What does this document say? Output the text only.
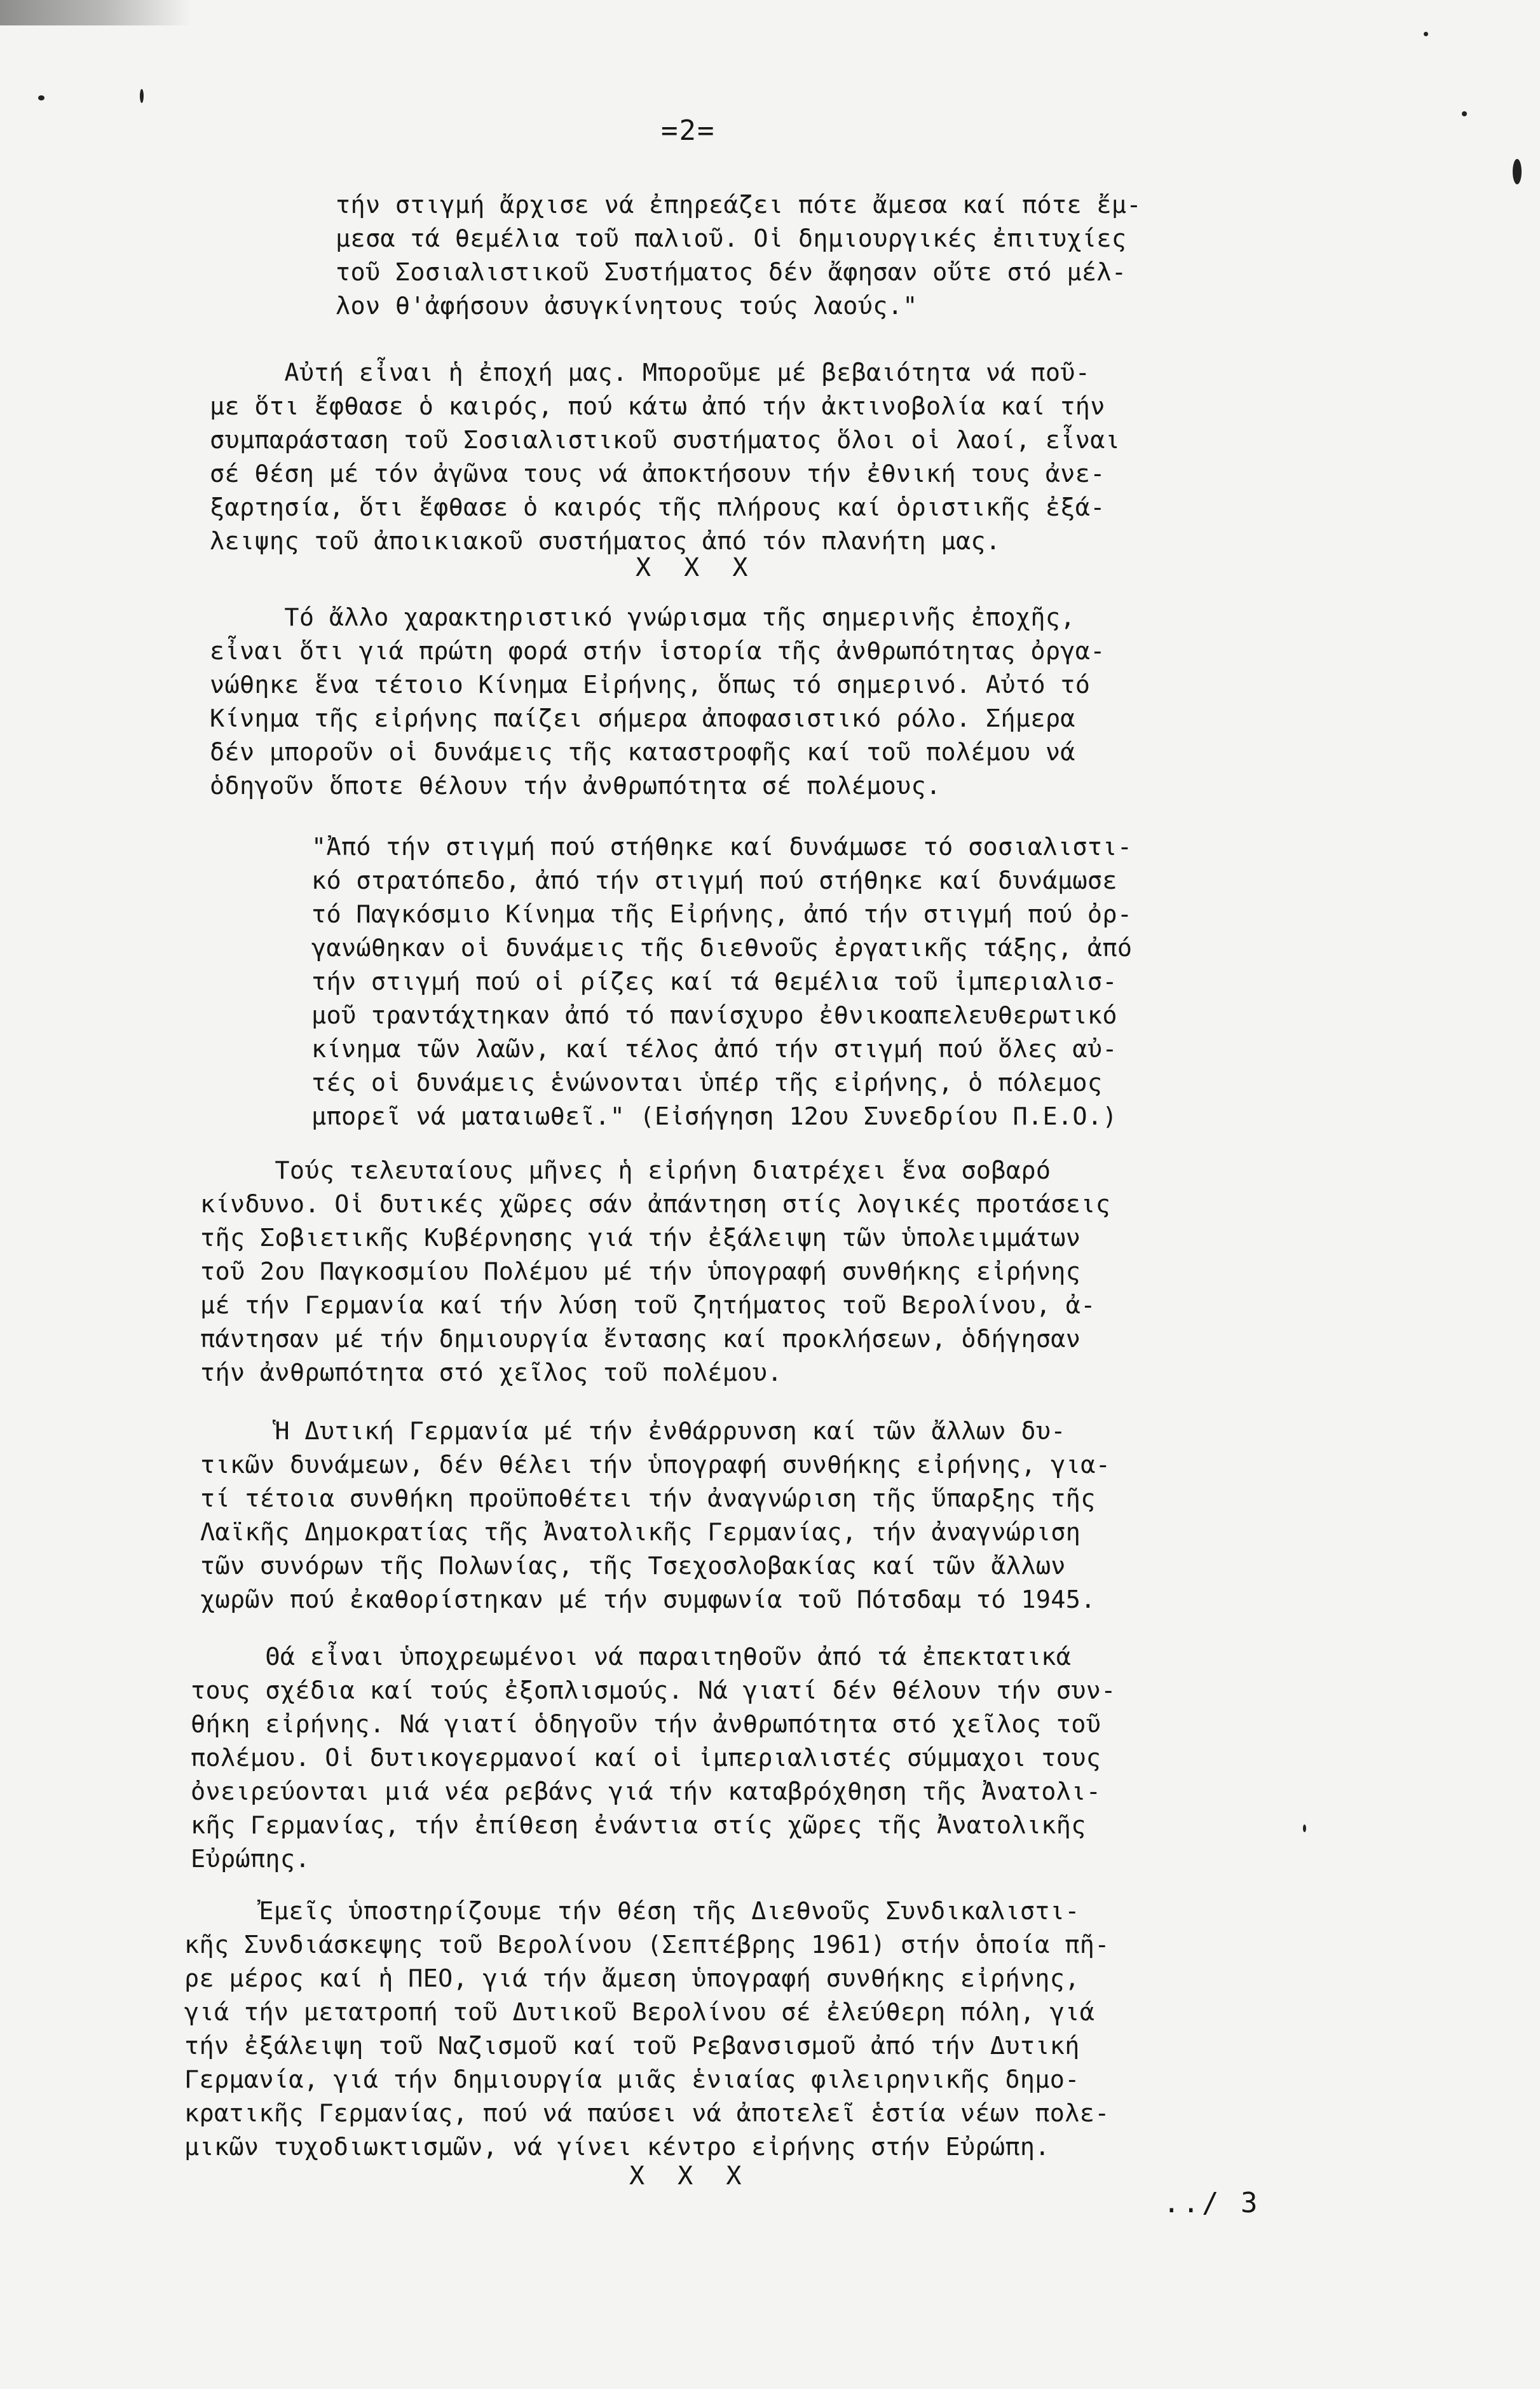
=2=
τήν στιγμή ἄρχισε νά ἐπηρεάζει πότε ἄμεσα καί πότε ἔμ-
μεσα τά θεμέλια τοῦ παλιοῦ. Οἱ δημιουργικές ἐπιτυχίες
τοῦ Σοσιαλιστικοῦ Συστήματος δέν ἄφησαν οὔτε στό μέλ-
λον θ'ἀφήσουν ἀσυγκίνητους τούς λαούς."
Αὐτή εἶναι ἡ ἐποχή μας. Μποροῦμε μέ βεβαιότητα νά ποῦ-
με ὅτι ἔφθασε ὁ καιρός, πού κάτω ἀπό τήν ἀκτινοβολία καί τήν
συμπαράσταση τοῦ Σοσιαλιστικοῦ συστήματος ὅλοι οἱ λαοί, εἶναι
σέ θέση μέ τόν ἀγῶνα τους νά ἀποκτήσουν τήν ἐθνική τους ἀνε-
ξαρτησία, ὅτι ἔφθασε ὁ καιρός τῆς πλήρους καί ὁριστικῆς ἐξά-
λειψης τοῦ ἀποικιακοῦ συστήματος ἀπό τόν πλανήτη μας.
X X X
Τό ἄλλο χαρακτηριστικό γνώρισμα τῆς σημερινῆς ἐποχῆς,
εἶναι ὅτι γιά πρώτη φορά στήν ἱστορία τῆς ἀνθρωπότητας ὀργα-
νώθηκε ἕνα τέτοιο Κίνημα Εἰρήνης, ὅπως τό σημερινό. Αὐτό τό
Κίνημα τῆς εἰρήνης παίζει σήμερα ἀποφασιστικό ρόλο. Σήμερα
δέν μποροῦν οἱ δυνάμεις τῆς καταστροφῆς καί τοῦ πολέμου νά
ὁδηγοῦν ὅποτε θέλουν τήν ἀνθρωπότητα σέ πολέμους.
"Ἀπό τήν στιγμή πού στήθηκε καί δυνάμωσε τό σοσιαλιστι-
κό στρατόπεδο, ἀπό τήν στιγμή πού στήθηκε καί δυνάμωσε
τό Παγκόσμιο Κίνημα τῆς Εἰρήνης, ἀπό τήν στιγμή πού ὀρ-
γανώθηκαν οἱ δυνάμεις τῆς διεθνοῦς ἐργατικῆς τάξης, ἀπό
τήν στιγμή πού οἱ ρίζες καί τά θεμέλια τοῦ ἰμπεριαλισ-
μοῦ τραντάχτηκαν ἀπό τό πανίσχυρο ἐθνικοαπελευθερωτικό
κίνημα τῶν λαῶν, καί τέλος ἀπό τήν στιγμή πού ὅλες αὐ-
τές οἱ δυνάμεις ἑνώνονται ὑπέρ τῆς εἰρήνης, ὁ πόλεμος
μπορεῖ νά ματαιωθεῖ." (Εἰσήγηση 12ου Συνεδρίου Π.Ε.Ο.)
Τούς τελευταίους μῆνες ἡ εἰρήνη διατρέχει ἕνα σοβαρό
κίνδυνο. Οἱ δυτικές χῶρες σάν ἀπάντηση στίς λογικές προτάσεις
τῆς Σοβιετικῆς Κυβέρνησης γιά τήν ἐξάλειψη τῶν ὑπολειμμάτων
τοῦ 2ου Παγκοσμίου Πολέμου μέ τήν ὑπογραφή συνθήκης εἰρήνης
μέ τήν Γερμανία καί τήν λύση τοῦ ζητήματος τοῦ Βερολίνου, ἀ-
πάντησαν μέ τήν δημιουργία ἔντασης καί προκλήσεων, ὁδήγησαν
τήν ἀνθρωπότητα στό χεῖλος τοῦ πολέμου.
Ἡ Δυτική Γερμανία μέ τήν ἐνθάρρυνση καί τῶν ἄλλων δυ-
τικῶν δυνάμεων, δέν θέλει τήν ὑπογραφή συνθήκης εἰρήνης, για-
τί τέτοια συνθήκη προϋποθέτει τήν ἀναγνώριση τῆς ὕπαρξης τῆς
Λαϊκῆς Δημοκρατίας τῆς Ἀνατολικῆς Γερμανίας, τήν ἀναγνώριση
τῶν συνόρων τῆς Πολωνίας, τῆς Τσεχοσλοβακίας καί τῶν ἄλλων
χωρῶν πού ἐκαθορίστηκαν μέ τήν συμφωνία τοῦ Πότσδαμ τό 1945.
Θά εἶναι ὑποχρεωμένοι νά παραιτηθοῦν ἀπό τά ἐπεκτατικά
τους σχέδια καί τούς ἐξοπλισμούς. Νά γιατί δέν θέλουν τήν συν-
θήκη εἰρήνης. Νά γιατί ὁδηγοῦν τήν ἀνθρωπότητα στό χεῖλος τοῦ
πολέμου. Οἱ δυτικογερμανοί καί οἱ ἰμπεριαλιστές σύμμαχοι τους
ὀνειρεύονται μιά νέα ρεβάνς γιά τήν καταβρόχθηση τῆς Ἀνατολι-
κῆς Γερμανίας, τήν ἐπίθεση ἐνάντια στίς χῶρες τῆς Ἀνατολικῆς
Εὐρώπης.
Ἐμεῖς ὑποστηρίζουμε τήν θέση τῆς Διεθνοῦς Συνδικαλιστι-
κῆς Συνδιάσκεψης τοῦ Βερολίνου (Σεπτέβρης 1961) στήν ὁποία πῆ-
ρε μέρος καί ἡ ΠΕΟ, γιά τήν ἄμεση ὑπογραφή συνθήκης εἰρήνης,
γιά τήν μετατροπή τοῦ Δυτικοῦ Βερολίνου σέ ἐλεύθερη πόλη, γιά
τήν ἐξάλειψη τοῦ Ναζισμοῦ καί τοῦ Ρεβανσισμοῦ ἀπό τήν Δυτική
Γερμανία, γιά τήν δημιουργία μιᾶς ἑνιαίας φιλειρηνικῆς δημο-
κρατικῆς Γερμανίας, πού νά παύσει νά ἀποτελεῖ ἑστία νέων πολε-
μικῶν τυχοδιωκτισμῶν, νά γίνει κέντρο εἰρήνης στήν Εὐρώπη.
X X X
../ 3
